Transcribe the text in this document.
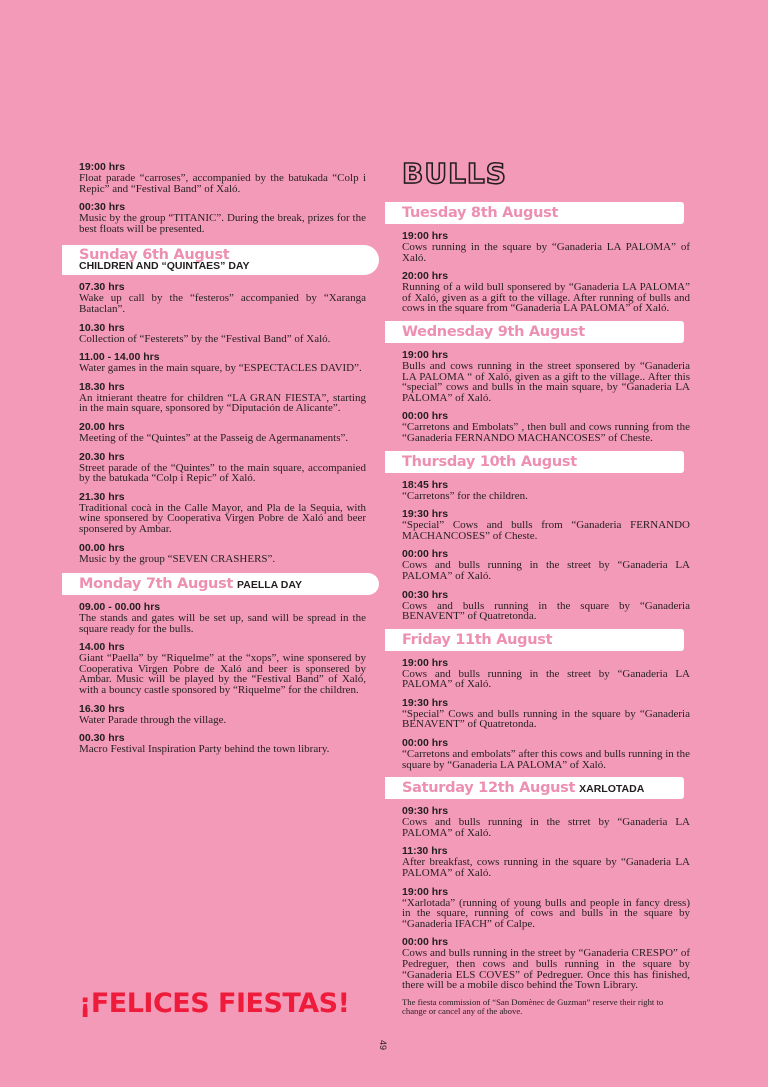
19:00 hrs
Float parade “carroses”, accompanied by the batukada “Colp i Repic” and “Festival Band” of Xaló.
00:30 hrs
Music by the group “TITANIC”. During the break, prizes for the best floats will be presented.
Sunday 6th August
CHILDREN AND “QUINTAES” DAY
07.30 hrs
Wake up call by the “festeros” accompanied by “Xaranga Bataclan”.
10.30 hrs
Collection of “Festerets” by the “Festival Band” of Xaló.
11.00 - 14.00 hrs
Water games in the main square, by “ESPECTACLES DAVID”.
18.30 hrs
An itnierant theatre for children “LA GRAN FIESTA”, starting in the main square, sponsored by “Diputación de Alicante”.
20.00 hrs
Meeting of the “Quintes” at the Passeig de Agermanaments”.
20.30 hrs
Street parade of the “Quintes” to the main square, accompanied by the batukada “Colp i Repic” of Xaló.
21.30 hrs
Traditional cocà in the Calle Mayor, and Pla de la Sequia, with wine sponsered by Cooperativa Virgen Pobre de Xaló and beer sponsered by Ambar.
00.00 hrs
Music by the group “SEVEN CRASHERS”.
Monday 7th August PAELLA DAY
09.00 - 00.00 hrs
The stands and gates will be set up, sand will be spread in the square ready for the bulls.
14.00 hrs
Giant “Paella” by “Riquelme” at the “xops”, wine sponsered by Cooperativa Virgen Pobre de Xaló and beer is sponsered by Ambar. Music will be played by the “Festival Band” of Xaló, with a bouncy castle sponsored by “Riquelme” for the children.
16.30 hrs
Water Parade through the village.
00.30 hrs
Macro Festival Inspiration Party behind the town library.
¡FELICES FIESTAS!
BULLS
Tuesday 8th August
19:00 hrs
Cows running in the square by “Ganaderia LA PALOMA” of Xaló.
20:00 hrs
Running of a wild bull sponsered by “Ganaderia LA PALOMA” of Xaló, given as a gift to the village. After running of bulls and cows in the square from “Ganaderia LA PALOMA” of Xaló.
Wednesday 9th August
19:00 hrs
Bulls and cows running in the street sponsered by “Ganaderia LA PALOMA “ of Xaló, given as a gift to the village.. After this “special” cows and bulls in the main square, by “Ganaderia LA PALOMA” of Xaló.
00:00 hrs
“Carretons and Embolats” , then bull and cows running from the “Ganaderia FERNANDO MACHANCOSES” of Cheste.
Thursday 10th August
18:45 hrs
“Carretons” for the children.
19:30 hrs
“Special” Cows and bulls from “Ganaderia FERNANDO MACHANCOSES” of Cheste.
00:00 hrs
Cows and bulls running in the street by “Ganaderia LA PALOMA” of Xaló.
00:30 hrs
Cows and bulls running in the square by “Ganaderia BENAVENT” of Quatretonda.
Friday 11th August
19:00 hrs
Cows and bulls running in the street by “Ganaderia LA PALOMA” of Xaló.
19:30 hrs
“Special” Cows and bulls running in the square by “Ganaderia BENAVENT” of Quatretonda.
00:00 hrs
“Carretons and embolats” after this cows and bulls running in the square by “Ganaderia LA PALOMA” of Xaló.
Saturday 12th August XARLOTADA
09:30 hrs
Cows and bulls running in the strret by “Ganaderia LA PALOMA” of Xaló.
11:30 hrs
After breakfast, cows running in the square by “Ganaderia LA PALOMA” of Xaló.
19:00 hrs
“Xarlotada” (running of young bulls and people in fancy dress) in the square, running of cows and bulls in the square by “Ganaderia IFACH” of Calpe.
00:00 hrs
Cows and bulls running in the street by “Ganaderia CRESPO” of Pedreguer, then cows and bulls running in the square by “Ganaderia ELS COVES” of Pedreguer. Once this has finished, there will be a mobile disco behind the Town Library.
The fiesta commission of “San Domènec de Guzman” reserve their right to change or cancel any of the above.
49
